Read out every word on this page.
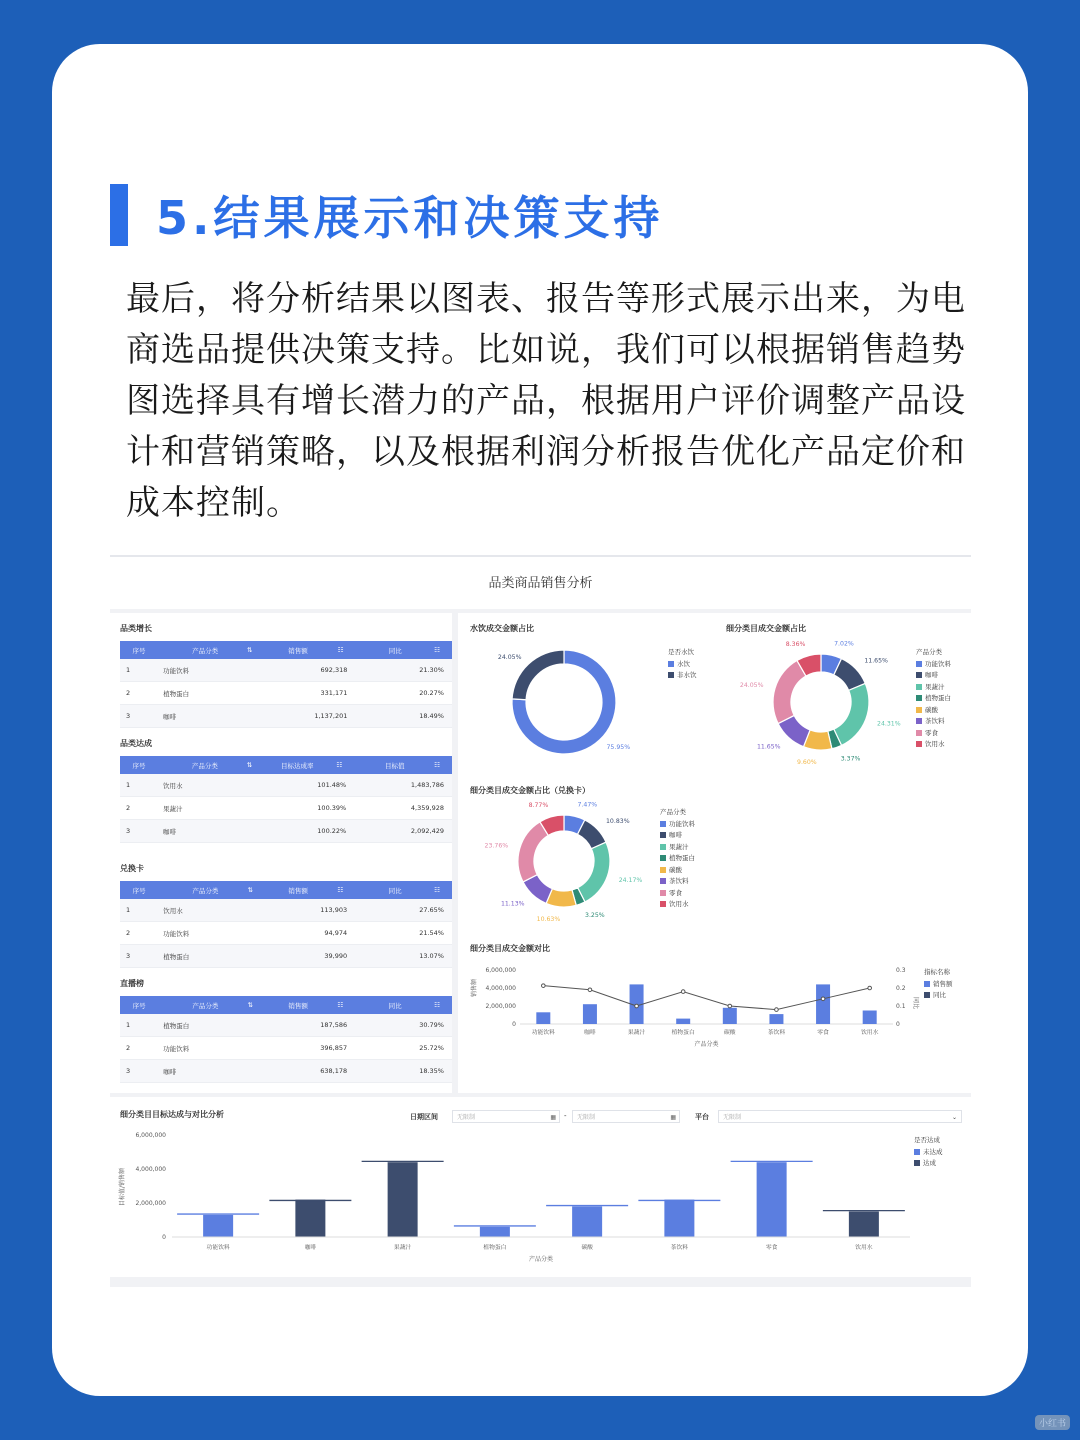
5.结果展示和决策支持
最后，将分析结果以图表、报告等形式展示出来，为电商选品提供决策支持。比如说，我们可以根据销售趋势图选择具有增长潜力的产品，根据用户评价调整产品设计和营销策略，以及根据利润分析报告优化产品定价和成本控制。
品类商品销售分析
品类增长
序号	产品分类 ⇅	销售额 ☷	同比 ☷

1	功能饮料	692,318	21.30%
2	植物蛋白	331,171	20.27%
3	咖啡	1,137,201	18.49%
品类达成
序号	产品分类 ⇅	目标达成率 ☷	目标值 ☷

1	饮用水	101.48%	1,483,786
2	果蔬汁	100.39%	4,359,928
3	咖啡	100.22%	2,092,429
兑换卡
序号	产品分类 ⇅	销售额 ☷	同比 ☷

1	饮用水	113,903	27.65%
2	功能饮料	94,974	21.54%
3	植物蛋白	39,990	13.07%
直播榜
序号	产品分类 ⇅	销售额 ☷	同比 ☷

1	植物蛋白	187,586	30.79%
2	功能饮料	396,857	25.72%
3	咖啡	638,178	18.35%
水饮成交金额占比	细分类目成交金额占比
细分类目成交金额占比（兑换卡）
细分类目成交金额对比
75.95%
24.05%
7.02%
11.65%
24.31%
3.37%
9.60%
11.65%
24.05%
8.36%
7.47%
10.83%
24.17%
3.25%
10.63%
11.13%
23.76%
8.77%
6,000,000	0.3
4,000,000	0.2
2,000,000	0.1
0	0
销售额
同比
功能饮料	咖啡	果蔬汁	植物蛋白	碳酸	茶饮料	零食	饮用水
产品分类
是否水饮
水饮
非水饮
产品分类
功能饮料
咖啡
果蔬汁
植物蛋白
碳酸
茶饮料
零食
饮用水
产品分类
功能饮料
咖啡
果蔬汁
植物蛋白
碳酸
茶饮料
零食
饮用水
指标名称
销售额
同比
细分类目目标达成与对比分析	日期区间	无限制	▦ -	无限制	▦	平台	无限制	⌄
6,000,000
4,000,000
2,000,000
0
目标值/销售额
功能饮料	咖啡	果蔬汁	植物蛋白	碳酸	茶饮料	零食	饮用水
产品分类
是否达成
未达成
达成
小红书
